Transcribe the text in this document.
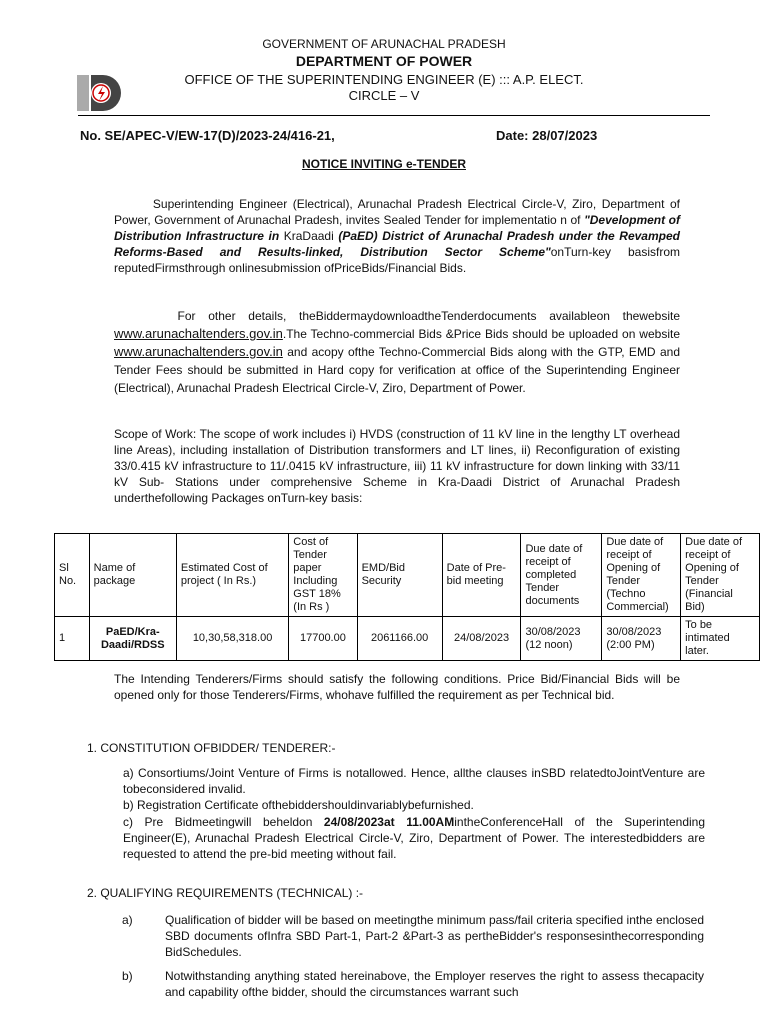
GOVERNMENT OF ARUNACHAL PRADESH
DEPARTMENT OF POWER
OFFICE OF THE SUPERINTENDING ENGINEER (E) ::: A.P. ELECT.
CIRCLE – V
No. SE/APEC-V/EW-17(D)/2023-24/416-21,	Date: 28/07/2023
NOTICE INVITING e-TENDER
Superintending Engineer (Electrical), Arunachal Pradesh Electrical Circle-V, Ziro, Department of Power, Government of Arunachal Pradesh, invites Sealed Tender for implementatio n of "Development of Distribution Infrastructure in KraDaadi (PaED) District of Arunachal Pradesh under the Revamped Reforms-Based and Results-linked, Distribution Sector Scheme"onTurn-key basisfrom reputedFirmsthrough onlinesubmission ofPriceBids/Financial Bids.
For other details, theBiddermaydownloadtheTenderdocuments availableon thewebsite www.arunachaltenders.gov.in.The Techno-commercial Bids &Price Bids should be uploaded on website www.arunachaltenders.gov.in and acopy ofthe Techno-Commercial Bids along with the GTP, EMD and Tender Fees should be submitted in Hard copy for verification at office of the Superintending Engineer (Electrical), Arunachal Pradesh Electrical Circle-V, Ziro, Department of Power.
Scope of Work: The scope of work includes i) HVDS (construction of 11 kV line in the lengthy LT overhead line Areas), including installation of Distribution transformers and LT lines, ii) Reconfiguration of existing 33/0.415 kV infrastructure to 11/.0415 kV infrastructure, iii) 11 kV infrastructure for down linking with 33/11 kV Sub- Stations under comprehensive Scheme in Kra-Daadi District of Arunachal Pradesh underthefollowing Packages onTurn-key basis:
Sl No.	Name of package	Estimated Cost of project ( In Rs.)	Cost of Tender paper Including GST 18% (In Rs )	EMD/Bid Security	Date of Pre-bid meeting	Due date of receipt of completed Tender documents	Due date of receipt of Opening of Tender (Techno Commercial)	Due date of receipt of Opening of Tender (Financial Bid)
1	PaED/Kra-Daadi/RDSS	10,30,58,318.00	17700.00	2061166.00	24/08/2023	30/08/2023 (12 noon)	30/08/2023 (2:00 PM)	To be intimated later.
The Intending Tenderers/Firms should satisfy the following conditions. Price Bid/Financial Bids will be opened only for those Tenderers/Firms, whohave fulfilled the requirement as per Technical bid.
1. CONSTITUTION OFBIDDER/ TENDERER:-
a) Consortiums/Joint Venture of Firms is notallowed. Hence, allthe clauses inSBD relatedtoJointVenture are tobeconsidered invalid.
b) Registration Certificate ofthebiddershouldinvariablybefurnished.
c) Pre Bidmeetingwill beheldon 24/08/2023at 11.00AMintheConferenceHall of the Superintending Engineer(E), Arunachal Pradesh Electrical Circle-V, Ziro, Department of Power. The interestedbidders are requested to attend the pre-bid meeting without fail.
2. QUALIFYING REQUIREMENTS (TECHNICAL) :-
a)	Qualification of bidder will be based on meetingthe minimum pass/fail criteria specified inthe enclosed SBD documents ofInfra SBD Part-1, Part-2 &Part-3 as pertheBidder's responsesinthecorresponding BidSchedules.
b)	Notwithstanding anything stated hereinabove, the Employer reserves the right to assess thecapacity and capability ofthe bidder, should the circumstances warrant such
